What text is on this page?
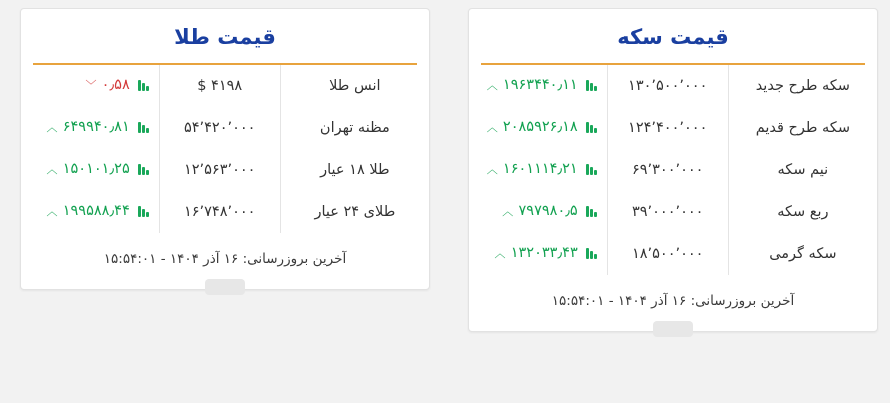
قیمت سکه
سکه طرح جدید	۱۳۰٬۵۰۰٬۰۰۰	۱۹۶۳۴۴۰٫۱۱
︿

سکه طرح قدیم	۱۲۴٬۴۰۰٬۰۰۰	۲۰۸۵۹۲۶٫۱۸
︿

نیم سکه	۶۹٬۳۰۰٬۰۰۰	۱۶۰۱۱۱۴٫۲۱
︿

ربع سکه	۳۹٬۰۰۰٬۰۰۰	۷۹۷۹۸۰٫۵
︿

سکه گرمی	۱۸٬۵۰۰٬۰۰۰	۱۳۲۰۳۳٫۴۳
︿
آخرین بروزرسانی: ۱۶ آذر ۱۴۰۴ - ۱۵:۵۴:۰۱
قیمت طلا
انس طلا	۴۱۹۸ $	۰٫۵۸
﹀

مظنه تهران	۵۴٬۴۲۰٬۰۰۰	۶۴۹۹۴۰٫۸۱
︿

طلا ۱۸ عیار	۱۲٬۵۶۳٬۰۰۰	۱۵۰۱۰۱٫۲۵
︿

طلای ۲۴ عیار	۱۶٬۷۴۸٬۰۰۰	۱۹۹۵۸۸٫۴۴
︿
آخرین بروزرسانی: ۱۶ آذر ۱۴۰۴ - ۱۵:۵۴:۰۱
